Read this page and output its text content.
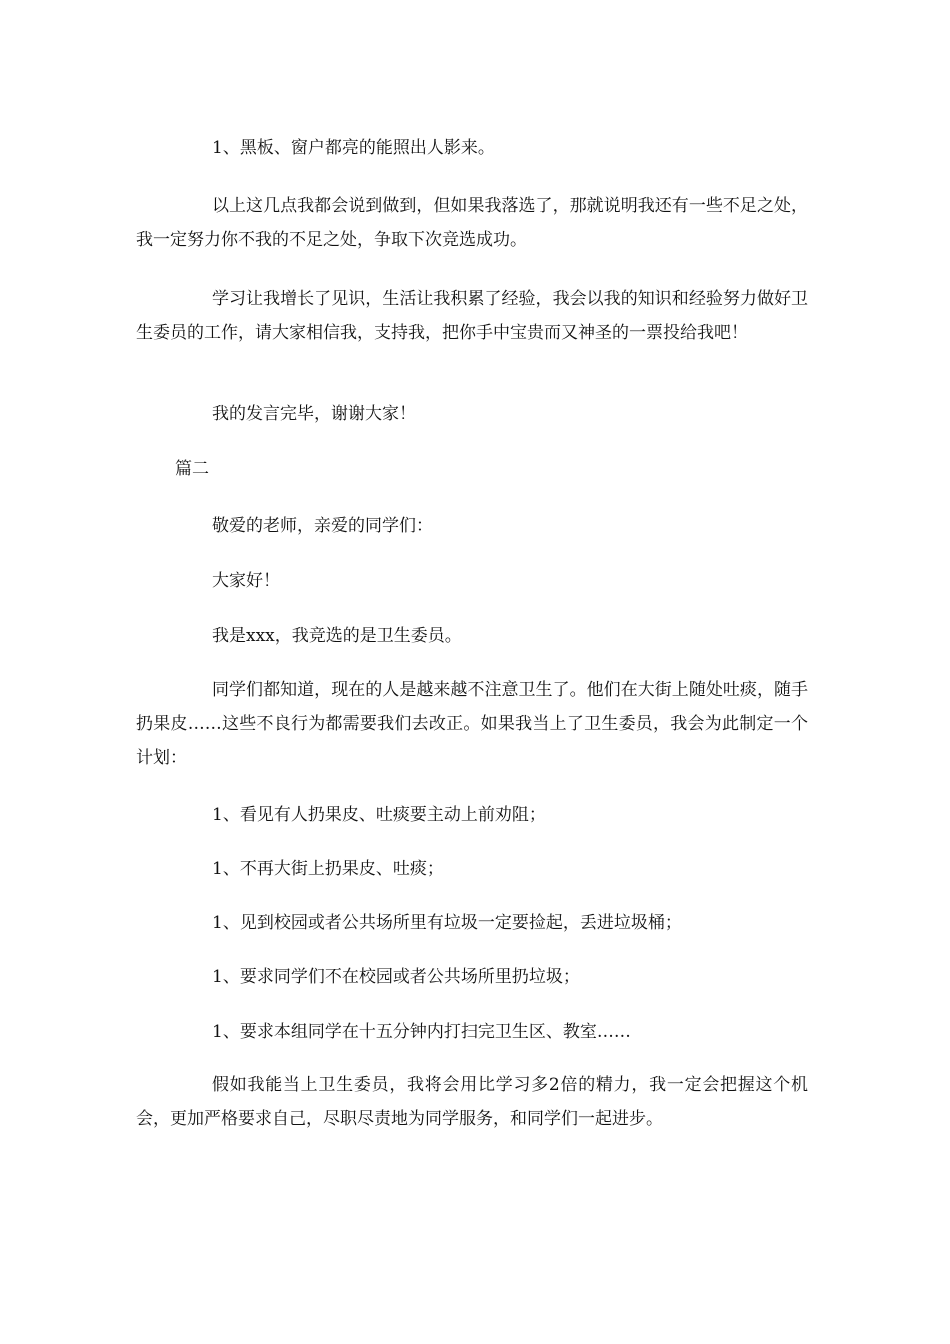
1、黑板、窗户都亮的能照出人影来。

以上这几点我都会说到做到，但如果我落选了，那就说明我还有一些不足之处，我一定努力你不我的不足之处，争取下次竞选成功。

学习让我增长了见识，生活让我积累了经验，我会以我的知识和经验努力做好卫生委员的工作，请大家相信我，支持我，把你手中宝贵而又神圣的一票投给我吧！

我的发言完毕，谢谢大家！

篇二

敬爱的老师，亲爱的同学们：

大家好！

我是xxx，我竞选的是卫生委员。

同学们都知道，现在的人是越来越不注意卫生了。他们在大街上随处吐痰，随手扔果皮……这些不良行为都需要我们去改正。如果我当上了卫生委员，我会为此制定一个计划：

1、看见有人扔果皮、吐痰要主动上前劝阻；

1、不再大街上扔果皮、吐痰；

1、见到校园或者公共场所里有垃圾一定要捡起，丢进垃圾桶；

1、要求同学们不在校园或者公共场所里扔垃圾；

1、要求本组同学在十五分钟内打扫完卫生区、教室……

假如我能当上卫生委员，我将会用比学习多2倍的精力，我一定会把握这个机会，更加严格要求自己，尽职尽责地为同学服务，和同学们一起进步。
